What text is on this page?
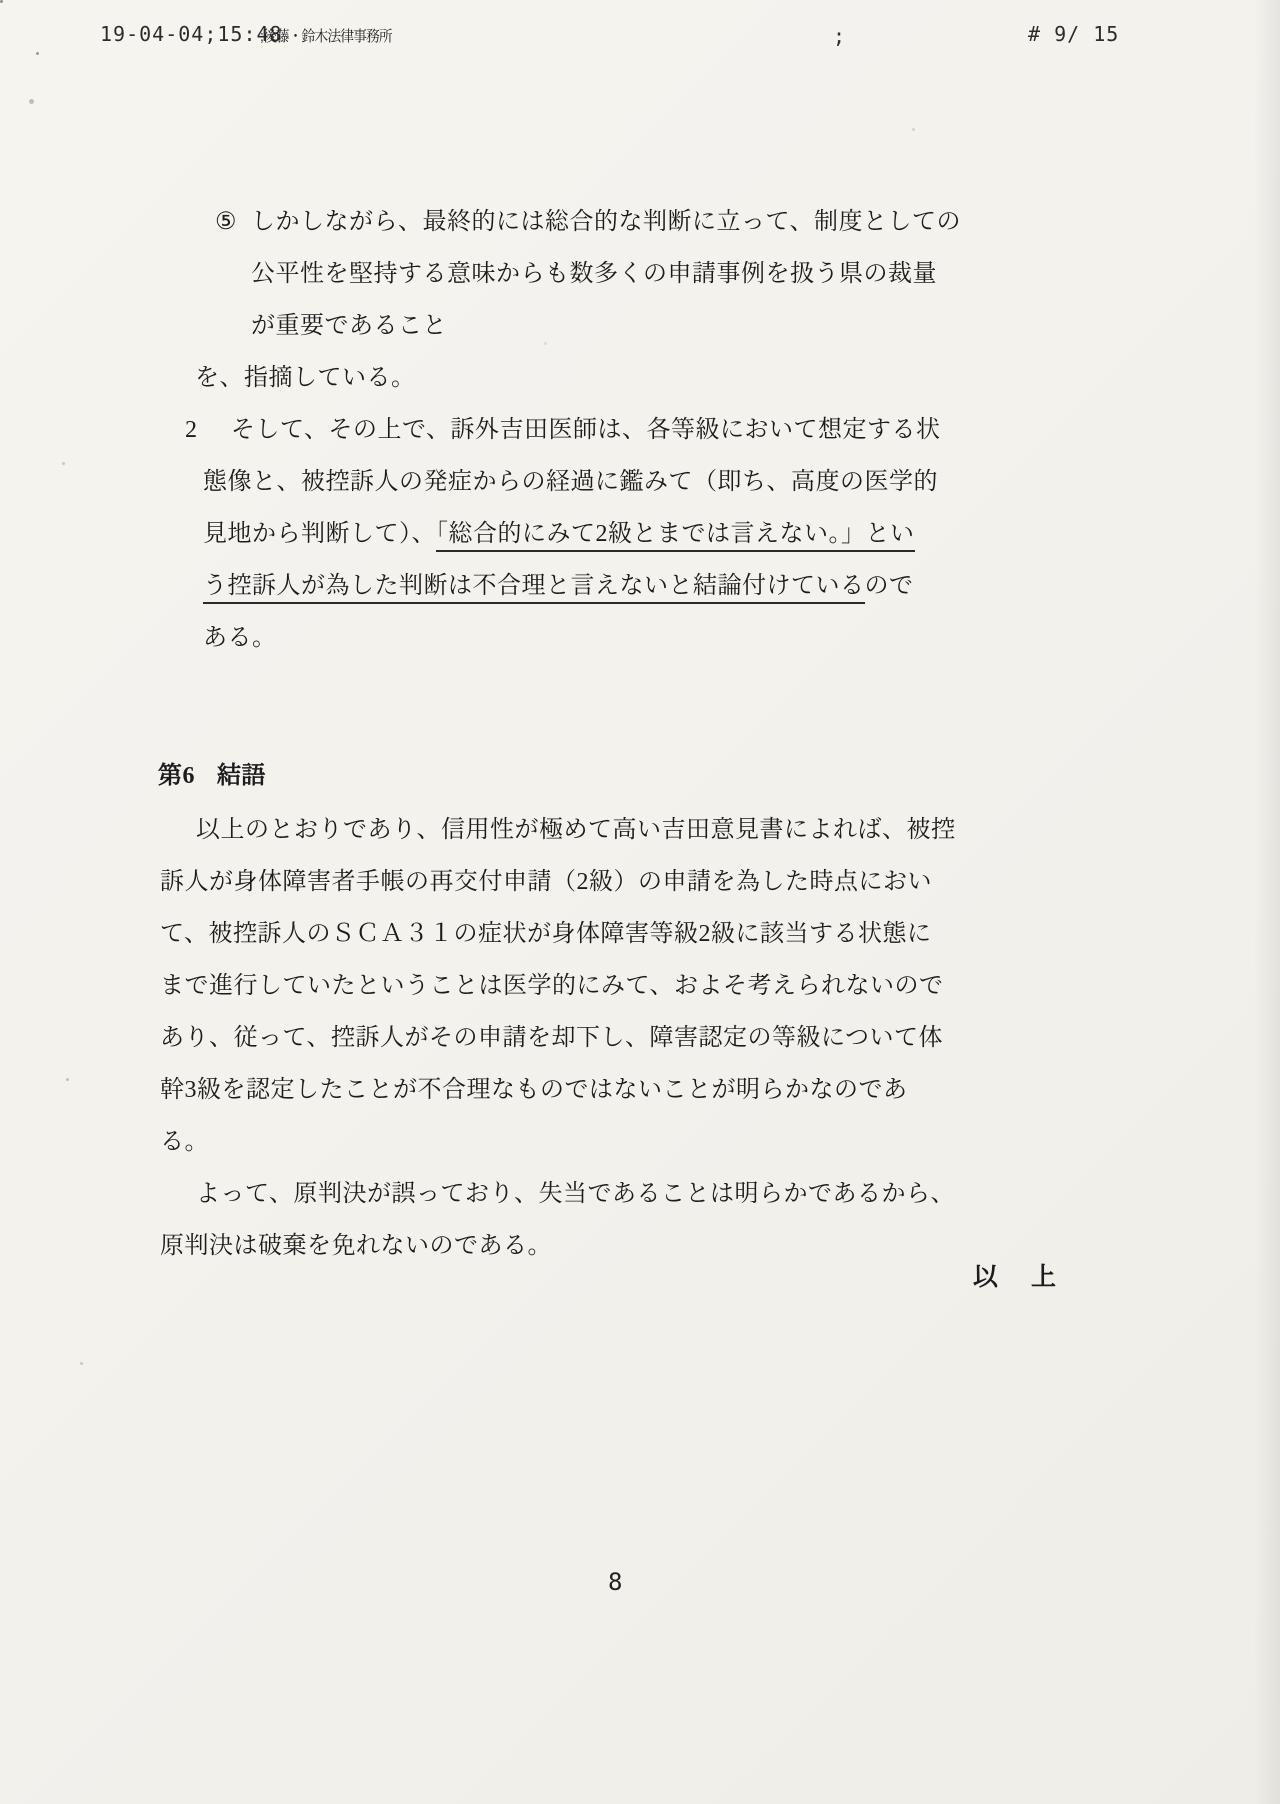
19-04-04;15:48
;後藤・鈴木法律事務所	;	# 9/ 15
⑤ しかしながら、最終的には総合的な判断に立って、制度としての
公平性を堅持する意味からも数多くの申請事例を扱う県の裁量
が重要であること
を、指摘している。
2 そして、その上で、訴外吉田医師は、各等級において想定する状
態像と、被控訴人の発症からの経過に鑑みて（即ち、高度の医学的
見地から判断して）、「総合的にみて2級とまでは言えない。」とい
う控訴人が為した判断は不合理と言えないと結論付けているので
ある。
第6 結語
以上のとおりであり、信用性が極めて高い吉田意見書によれば、被控
訴人が身体障害者手帳の再交付申請（2級）の申請を為した時点におい
て、被控訴人のＳＣＡ３１の症状が身体障害等級2級に該当する状態に
まで進行していたということは医学的にみて、およそ考えられないので
あり、従って、控訴人がその申請を却下し、障害認定の等級について体
幹3級を認定したことが不合理なものではないことが明らかなのであ
る。
よって、原判決が誤っており、失当であることは明らかであるから、
原判決は破棄を免れないのである。
以　上
8
